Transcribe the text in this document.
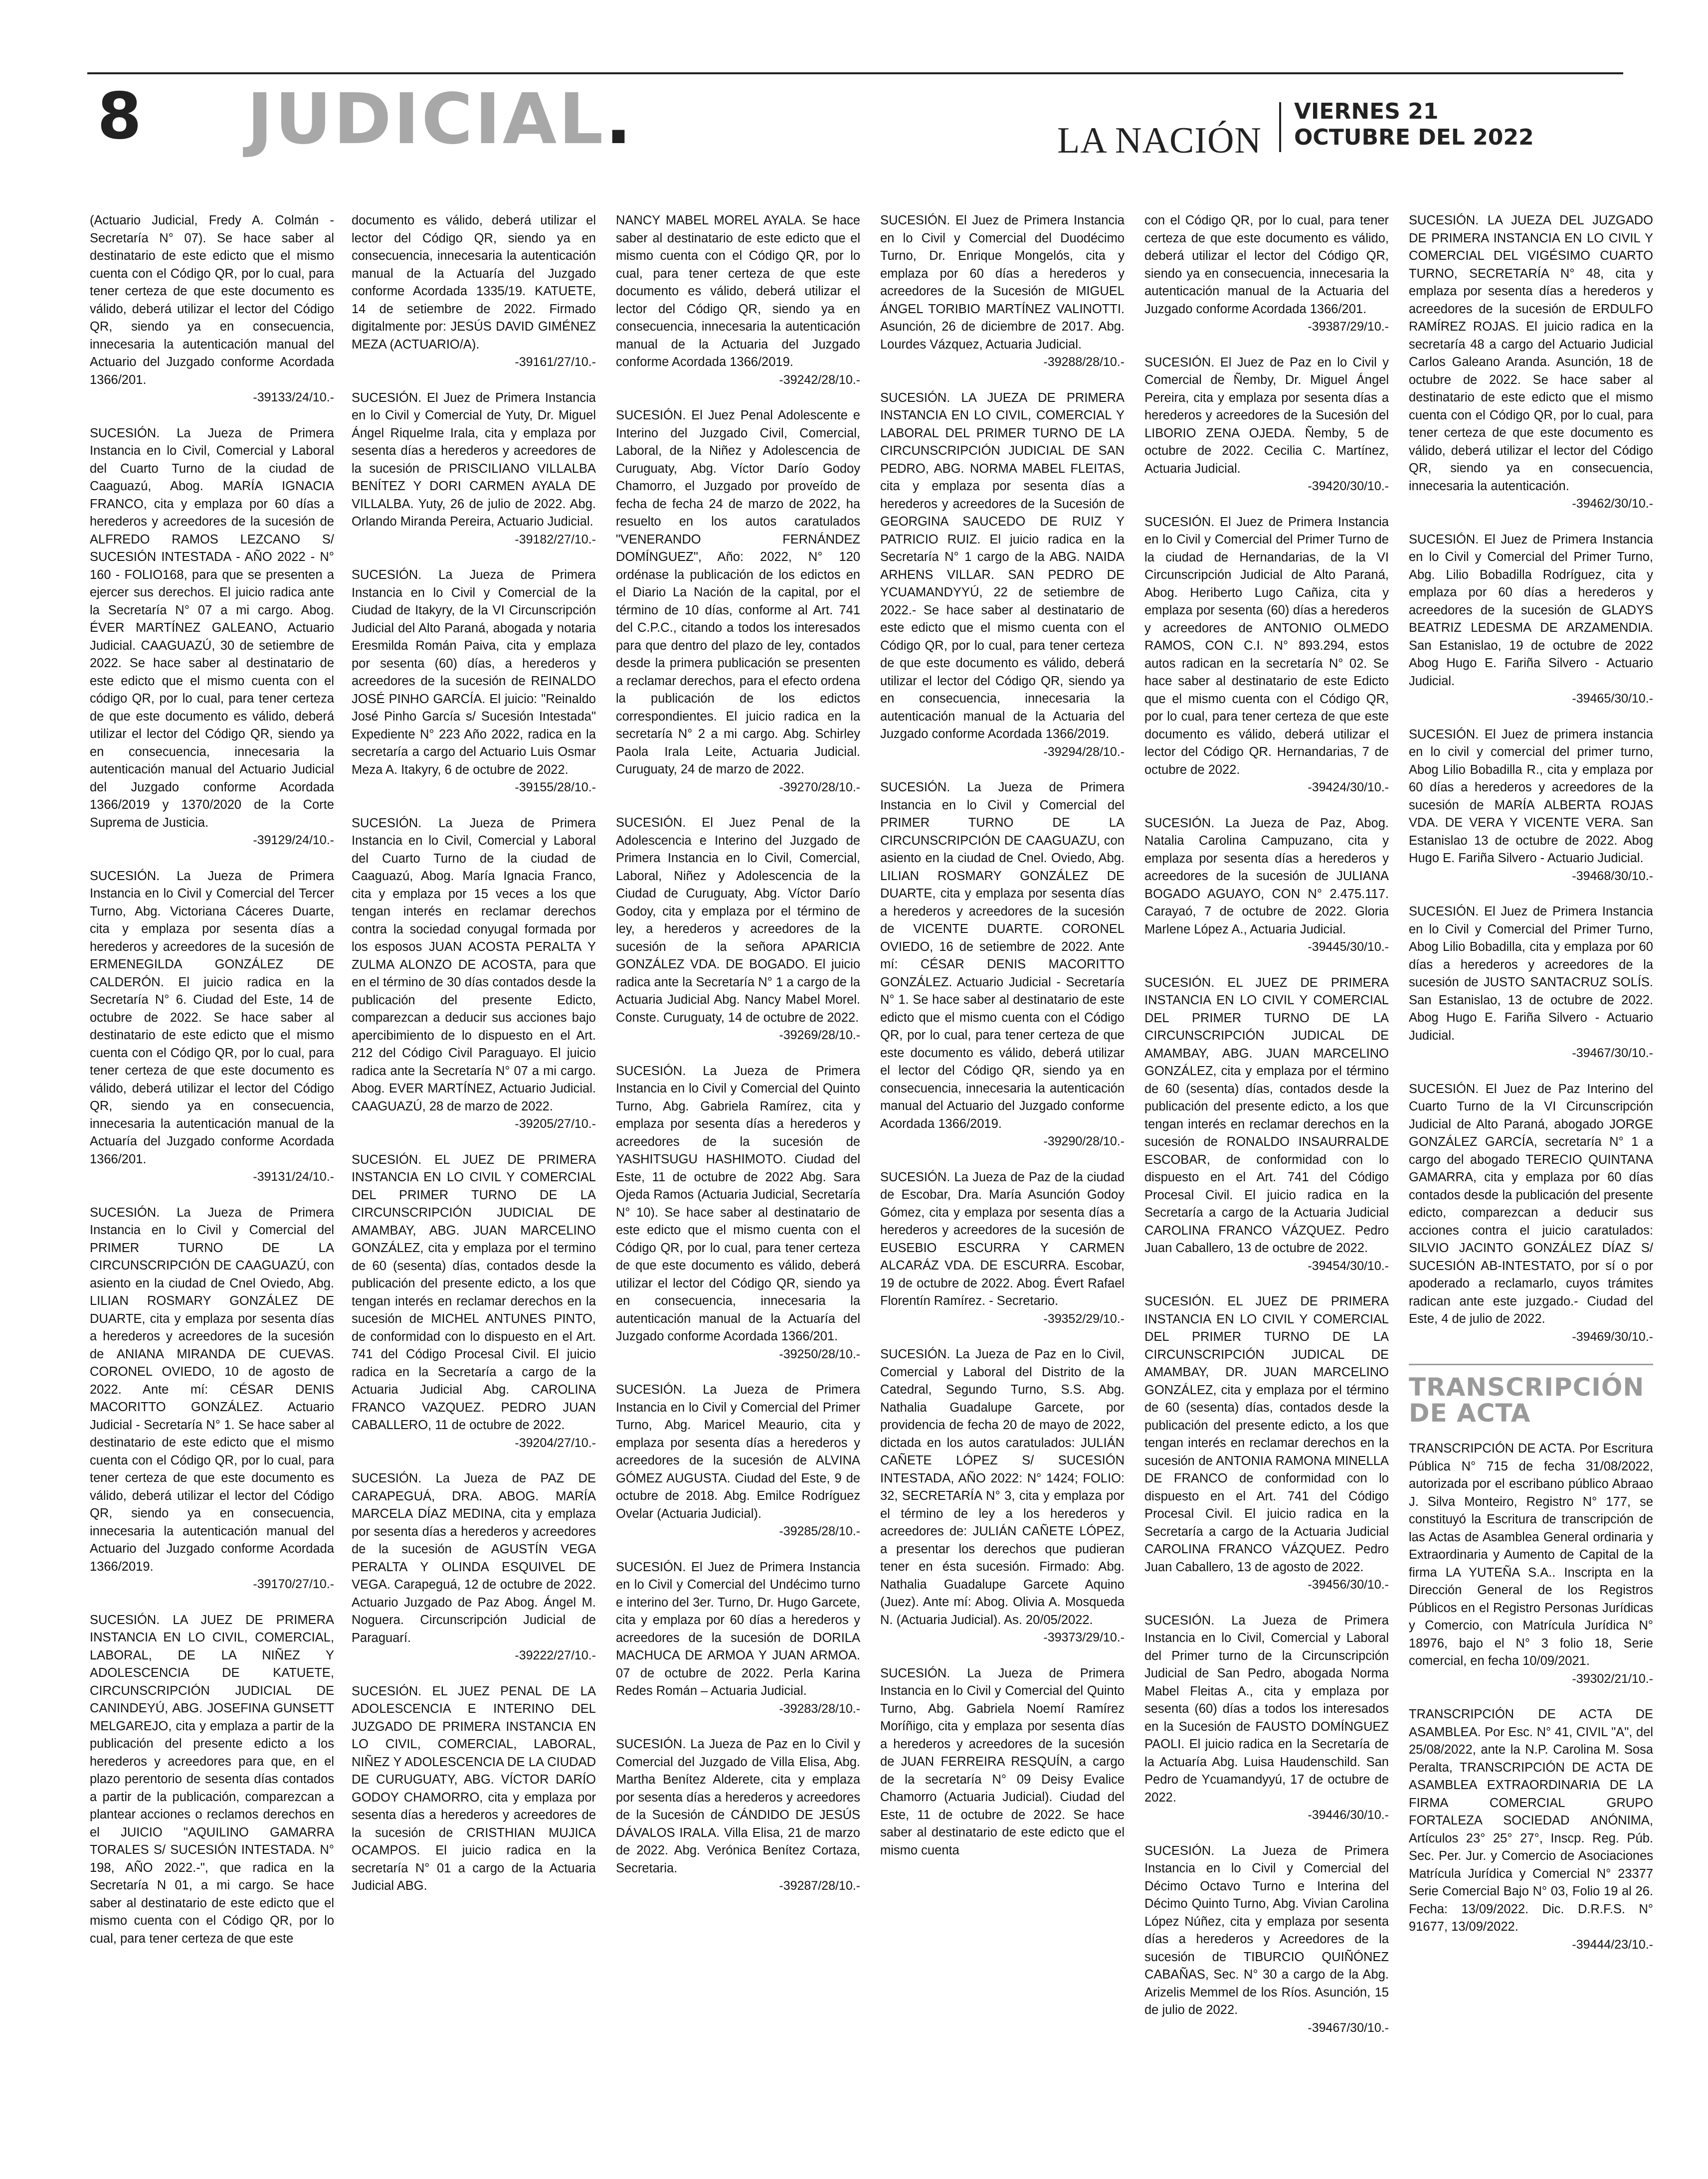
8 JUDICIAL.	LA NACIÓN
VIERNES 21
OCTUBRE DEL 2022
(Actuario Judicial, Fredy A. Colmán - Secretaría N° 07). Se hace saber al destinatario de este edicto que el mismo cuenta con el Código QR, por lo cual, para tener certeza de que este documento es válido, deberá utilizar el lector del Código QR, siendo ya en consecuencia, innecesaria la autenticación manual del Actuario del Juzgado conforme Acordada 1366/201.
-39133/24/10.-
SUCESIÓN. La Jueza de Primera Instancia en lo Civil, Comercial y Laboral del Cuarto Turno de la ciudad de Caaguazú, Abog. MARÍA IGNACIA FRANCO, cita y emplaza por 60 días a herederos y acreedores de la sucesión de ALFREDO RAMOS LEZCANO S/ SUCESIÓN INTESTADA - AÑO 2022 - N° 160 - FOLIO168, para que se presenten a ejercer sus derechos. El juicio radica ante la Secretaría N° 07 a mi cargo. Abog. ÉVER MARTÍNEZ GALEANO, Actuario Judicial. CAAGUAZÚ, 30 de setiembre de 2022. Se hace saber al destinatario de este edicto que el mismo cuenta con el código QR, por lo cual, para tener certeza de que este documento es válido, deberá utilizar el lector del Código QR, siendo ya en consecuencia, innecesaria la autenticación manual del Actuario Judicial del Juzgado conforme Acordada 1366/2019 y 1370/2020 de la Corte Suprema de Justicia.
-39129/24/10.-
SUCESIÓN. La Jueza de Primera Instancia en lo Civil y Comercial del Tercer Turno, Abg. Victoriana Cáceres Duarte, cita y emplaza por sesenta días a herederos y acreedores de la sucesión de ERMENEGILDA GONZÁLEZ DE CALDERÓN. El juicio radica en la Secretaría N° 6. Ciudad del Este, 14 de octubre de 2022. Se hace saber al destinatario de este edicto que el mismo cuenta con el Código QR, por lo cual, para tener certeza de que este documento es válido, deberá utilizar el lector del Código QR, siendo ya en consecuencia, innecesaria la autenticación manual de la Actuaría del Juzgado conforme Acordada 1366/201.
-39131/24/10.-
SUCESIÓN. La Jueza de Primera Instancia en lo Civil y Comercial del PRIMER TURNO DE LA CIRCUNSCRIPCIÓN DE CAAGUAZÚ, con asiento en la ciudad de Cnel Oviedo, Abg. LILIAN ROSMARY GONZÁLEZ DE DUARTE, cita y emplaza por sesenta días a herederos y acreedores de la sucesión de ANIANA MIRANDA DE CUEVAS. CORONEL OVIEDO, 10 de agosto de 2022. Ante mí: CÉSAR DENIS MACORITTO GONZÁLEZ. Actuario Judicial - Secretaría N° 1. Se hace saber al destinatario de este edicto que el mismo cuenta con el Código QR, por lo cual, para tener certeza de que este documento es válido, deberá utilizar el lector del Código QR, siendo ya en consecuencia, innecesaria la autenticación manual del Actuario del Juzgado conforme Acordada 1366/2019.
-39170/27/10.-
SUCESIÓN. LA JUEZ DE PRIMERA INSTANCIA EN LO CIVIL, COMERCIAL, LABORAL, DE LA NIÑEZ Y ADOLESCENCIA DE KATUETE, CIRCUNSCRIPCIÓN JUDICIAL DE CANINDEYÚ, ABG. JOSEFINA GUNSETT MELGAREJO, cita y emplaza a partir de la publicación del presente edicto a los herederos y acreedores para que, en el plazo perentorio de sesenta días contados a partir de la publicación, comparezcan a plantear acciones o reclamos derechos en el JUICIO "AQUILINO GAMARRA TORALES S/ SUCESIÓN INTESTADA. N° 198, AÑO 2022.-", que radica en la Secretaría N 01, a mi cargo. Se hace saber al destinatario de este edicto que el mismo cuenta con el Código QR, por lo cual, para tener certeza de que este
documento es válido, deberá utilizar el lector del Código QR, siendo ya en consecuencia, innecesaria la autenticación manual de la Actuaría del Juzgado conforme Acordada 1335/19. KATUETE, 14 de setiembre de 2022. Firmado digitalmente por: JESÚS DAVID GIMÉNEZ MEZA (ACTUARIO/A).
-39161/27/10.-
SUCESIÓN. El Juez de Primera Instancia en lo Civil y Comercial de Yuty, Dr. Miguel Ángel Riquelme Irala, cita y emplaza por sesenta días a herederos y acreedores de la sucesión de PRISCILIANO VILLALBA BENÍTEZ Y DORI CARMEN AYALA DE VILLALBA. Yuty, 26 de julio de 2022. Abg. Orlando Miranda Pereira, Actuario Judicial.
-39182/27/10.-
SUCESIÓN. La Jueza de Primera Instancia en lo Civil y Comercial de la Ciudad de Itakyry, de la VI Circunscripción Judicial del Alto Paraná, abogada y notaria Eresmilda Román Paiva, cita y emplaza por sesenta (60) días, a herederos y acreedores de la sucesión de REINALDO JOSÉ PINHO GARCÍA. El juicio: "Reinaldo José Pinho García s/ Sucesión Intestada" Expediente N° 223 Año 2022, radica en la secretaría a cargo del Actuario Luis Osmar Meza A. Itakyry, 6 de octubre de 2022.
-39155/28/10.-
SUCESIÓN. La Jueza de Primera Instancia en lo Civil, Comercial y Laboral del Cuarto Turno de la ciudad de Caaguazú, Abog. María Ignacia Franco, cita y emplaza por 15 veces a los que tengan interés en reclamar derechos contra la sociedad conyugal formada por los esposos JUAN ACOSTA PERALTA Y ZULMA ALONZO DE ACOSTA, para que en el término de 30 días contados desde la publicación del presente Edicto, comparezcan a deducir sus acciones bajo apercibimiento de lo dispuesto en el Art. 212 del Código Civil Paraguayo. El juicio radica ante la Secretaría N° 07 a mi cargo. Abog. EVER MARTÍNEZ, Actuario Judicial. CAAGUAZÚ, 28 de marzo de 2022.
-39205/27/10.-
SUCESIÓN. EL JUEZ DE PRIMERA INSTANCIA EN LO CIVIL Y COMERCIAL DEL PRIMER TURNO DE LA CIRCUNSCRIPCIÓN JUDICIAL DE AMAMBAY, ABG. JUAN MARCELINO GONZÁLEZ, cita y emplaza por el termino de 60 (sesenta) días, contados desde la publicación del presente edicto, a los que tengan interés en reclamar derechos en la sucesión de MICHEL ANTUNES PINTO, de conformidad con lo dispuesto en el Art. 741 del Código Procesal Civil. El juicio radica en la Secretaría a cargo de la Actuaria Judicial Abg. CAROLINA FRANCO VAZQUEZ. PEDRO JUAN CABALLERO, 11 de octubre de 2022.
-39204/27/10.-
SUCESIÓN. La Jueza de PAZ DE CARAPEGUÁ, DRA. ABOG. MARÍA MARCELA DÍAZ MEDINA, cita y emplaza por sesenta días a herederos y acreedores de la sucesión de AGUSTÍN VEGA PERALTA Y OLINDA ESQUIVEL DE VEGA. Carapeguá, 12 de octubre de 2022. Actuario Juzgado de Paz Abog. Ángel M. Noguera. Circunscripción Judicial de Paraguarí.
-39222/27/10.-
SUCESIÓN. EL JUEZ PENAL DE LA ADOLESCENCIA E INTERINO DEL JUZGADO DE PRIMERA INSTANCIA EN LO CIVIL, COMERCIAL, LABORAL, NIÑEZ Y ADOLESCENCIA DE LA CIUDAD DE CURUGUATY, ABG. VÍCTOR DARÍO GODOY CHAMORRO, cita y emplaza por sesenta días a herederos y acreedores de la sucesión de CRISTHIAN MUJICA OCAMPOS. El juicio radica en la secretaría N° 01 a cargo de la Actuaria Judicial ABG.
NANCY MABEL MOREL AYALA. Se hace saber al destinatario de este edicto que el mismo cuenta con el Código QR, por lo cual, para tener certeza de que este documento es válido, deberá utilizar el lector del Código QR, siendo ya en consecuencia, innecesaria la autenticación manual de la Actuaria del Juzgado conforme Acordada 1366/2019.
-39242/28/10.-
SUCESIÓN. El Juez Penal Adolescente e Interino del Juzgado Civil, Comercial, Laboral, de la Niñez y Adolescencia de Curuguaty, Abg. Víctor Darío Godoy Chamorro, el Juzgado por proveído de fecha de fecha 24 de marzo de 2022, ha resuelto en los autos caratulados "VENERANDO FERNÁNDEZ DOMÍNGUEZ", Año: 2022, N° 120 ordénase la publicación de los edictos en el Diario La Nación de la capital, por el término de 10 días, conforme al Art. 741 del C.P.C., citando a todos los interesados para que dentro del plazo de ley, contados desde la primera publicación se presenten a reclamar derechos, para el efecto ordena la publicación de los edictos correspondientes. El juicio radica en la secretaría N° 2 a mi cargo. Abg. Schirley Paola Irala Leite, Actuaria Judicial. Curuguaty, 24 de marzo de 2022.
-39270/28/10.-
SUCESIÓN. El Juez Penal de la Adolescencia e Interino del Juzgado de Primera Instancia en lo Civil, Comercial, Laboral, Niñez y Adolescencia de la Ciudad de Curuguaty, Abg. Víctor Darío Godoy, cita y emplaza por el término de ley, a herederos y acreedores de la sucesión de la señora APARICIA GONZÁLEZ VDA. DE BOGADO. El juicio radica ante la Secretaría N° 1 a cargo de la Actuaria Judicial Abg. Nancy Mabel Morel. Conste. Curuguaty, 14 de octubre de 2022.
-39269/28/10.-
SUCESIÓN. La Jueza de Primera Instancia en lo Civil y Comercial del Quinto Turno, Abg. Gabriela Ramírez, cita y emplaza por sesenta días a herederos y acreedores de la sucesión de YASHITSUGU HASHIMOTO. Ciudad del Este, 11 de octubre de 2022 Abg. Sara Ojeda Ramos (Actuaria Judicial, Secretaría N° 10). Se hace saber al destinatario de este edicto que el mismo cuenta con el Código QR, por lo cual, para tener certeza de que este documento es válido, deberá utilizar el lector del Código QR, siendo ya en consecuencia, innecesaria la autenticación manual de la Actuaría del Juzgado conforme Acordada 1366/201.
-39250/28/10.-
SUCESIÓN. La Jueza de Primera Instancia en lo Civil y Comercial del Primer Turno, Abg. Maricel Meaurio, cita y emplaza por sesenta días a herederos y acreedores de la sucesión de ALVINA GÓMEZ AUGUSTA. Ciudad del Este, 9 de octubre de 2018. Abg. Emilce Rodríguez Ovelar (Actuaria Judicial).
-39285/28/10.-
SUCESIÓN. El Juez de Primera Instancia en lo Civil y Comercial del Undécimo turno e interino del 3er. Turno, Dr. Hugo Garcete, cita y emplaza por 60 días a herederos y acreedores de la sucesión de DORILA MACHUCA DE ARMOA Y JUAN ARMOA. 07 de octubre de 2022. Perla Karina Redes Román – Actuaria Judicial.
-39283/28/10.-
SUCESIÓN. La Jueza de Paz en lo Civil y Comercial del Juzgado de Villa Elisa, Abg. Martha Benítez Alderete, cita y emplaza por sesenta días a herederos y acreedores de la Sucesión de CÁNDIDO DE JESÚS DÁVALOS IRALA. Villa Elisa, 21 de marzo de 2022. Abg. Verónica Benítez Cortaza, Secretaria.
-39287/28/10.-
SUCESIÓN. El Juez de Primera Instancia en lo Civil y Comercial del Duodécimo Turno, Dr. Enrique Mongelós, cita y emplaza por 60 días a herederos y acreedores de la Sucesión de MIGUEL ÁNGEL TORIBIO MARTÍNEZ VALINOTTI. Asunción, 26 de diciembre de 2017. Abg. Lourdes Vázquez, Actuaria Judicial.
-39288/28/10.-
SUCESIÓN. LA JUEZA DE PRIMERA INSTANCIA EN LO CIVIL, COMERCIAL Y LABORAL DEL PRIMER TURNO DE LA CIRCUNSCRIPCIÓN JUDICIAL DE SAN PEDRO, ABG. NORMA MABEL FLEITAS, cita y emplaza por sesenta días a herederos y acreedores de la Sucesión de GEORGINA SAUCEDO DE RUIZ Y PATRICIO RUIZ. El juicio radica en la Secretaría N° 1 cargo de la ABG. NAIDA ARHENS VILLAR. SAN PEDRO DE YCUAMANDYYÚ, 22 de setiembre de 2022.- Se hace saber al destinatario de este edicto que el mismo cuenta con el Código QR, por lo cual, para tener certeza de que este documento es válido, deberá utilizar el lector del Código QR, siendo ya en consecuencia, innecesaria la autenticación manual de la Actuaria del Juzgado conforme Acordada 1366/2019.
-39294/28/10.-
SUCESIÓN. La Jueza de Primera Instancia en lo Civil y Comercial del PRIMER TURNO DE LA CIRCUNSCRIPCIÓN DE CAAGUAZU, con asiento en la ciudad de Cnel. Oviedo, Abg. LILIAN ROSMARY GONZÁLEZ DE DUARTE, cita y emplaza por sesenta días a herederos y acreedores de la sucesión de VICENTE DUARTE. CORONEL OVIEDO, 16 de setiembre de 2022. Ante mí: CÉSAR DENIS MACORITTO GONZÁLEZ. Actuario Judicial - Secretaría N° 1. Se hace saber al destinatario de este edicto que el mismo cuenta con el Código QR, por lo cual, para tener certeza de que este documento es válido, deberá utilizar el lector del Código QR, siendo ya en consecuencia, innecesaria la autenticación manual del Actuario del Juzgado conforme Acordada 1366/2019.
-39290/28/10.-
SUCESIÓN. La Jueza de Paz de la ciudad de Escobar, Dra. María Asunción Godoy Gómez, cita y emplaza por sesenta días a herederos y acreedores de la sucesión de EUSEBIO ESCURRA Y CARMEN ALCARÁZ VDA. DE ESCURRA. Escobar, 19 de octubre de 2022. Abog. Évert Rafael Florentín Ramírez. - Secretario.
-39352/29/10.-
SUCESIÓN. La Jueza de Paz en lo Civil, Comercial y Laboral del Distrito de la Catedral, Segundo Turno, S.S. Abg. Nathalia Guadalupe Garcete, por providencia de fecha 20 de mayo de 2022, dictada en los autos caratulados: JULIÁN CAÑETE LÓPEZ S/ SUCESIÓN INTESTADA, AÑO 2022: N° 1424; FOLIO: 32, SECRETARÍA N° 3, cita y emplaza por el término de ley a los herederos y acreedores de: JULIÁN CAÑETE LÓPEZ, a presentar los derechos que pudieran tener en ésta sucesión. Firmado: Abg. Nathalia Guadalupe Garcete Aquino (Juez). Ante mí: Abog. Olivia A. Mosqueda N. (Actuaria Judicial). As. 20/05/2022.
-39373/29/10.-
SUCESIÓN. La Jueza de Primera Instancia en lo Civil y Comercial del Quinto Turno, Abg. Gabriela Noemí Ramírez Moríñigo, cita y emplaza por sesenta días a herederos y acreedores de la sucesión de JUAN FERREIRA RESQUÍN, a cargo de la secretaría N° 09 Deisy Evalice Chamorro (Actuaria Judicial). Ciudad del Este, 11 de octubre de 2022. Se hace saber al destinatario de este edicto que el mismo cuenta
con el Código QR, por lo cual, para tener certeza de que este documento es válido, deberá utilizar el lector del Código QR, siendo ya en consecuencia, innecesaria la autenticación manual de la Actuaria del Juzgado conforme Acordada 1366/201.
-39387/29/10.-
SUCESIÓN. El Juez de Paz en lo Civil y Comercial de Ñemby, Dr. Miguel Ángel Pereira, cita y emplaza por sesenta días a herederos y acreedores de la Sucesión del LIBORIO ZENA OJEDA. Ñemby, 5 de octubre de 2022. Cecilia C. Martínez, Actuaria Judicial.
-39420/30/10.-
SUCESIÓN. El Juez de Primera Instancia en lo Civil y Comercial del Primer Turno de la ciudad de Hernandarias, de la VI Circunscripción Judicial de Alto Paraná, Abog. Heriberto Lugo Cañiza, cita y emplaza por sesenta (60) días a herederos y acreedores de ANTONIO OLMEDO RAMOS, CON C.I. N° 893.294, estos autos radican en la secretaría N° 02. Se hace saber al destinatario de este Edicto que el mismo cuenta con el Código QR, por lo cual, para tener certeza de que este documento es válido, deberá utilizar el lector del Código QR. Hernandarias, 7 de octubre de 2022.
-39424/30/10.-
SUCESIÓN. La Jueza de Paz, Abog. Natalia Carolina Campuzano, cita y emplaza por sesenta días a herederos y acreedores de la sucesión de JULIANA BOGADO AGUAYO, CON N° 2.475.117. Carayaó, 7 de octubre de 2022. Gloria Marlene López A., Actuaria Judicial.
-39445/30/10.-
SUCESIÓN. EL JUEZ DE PRIMERA INSTANCIA EN LO CIVIL Y COMERCIAL DEL PRIMER TURNO DE LA CIRCUNSCRIPCIÓN JUDICAL DE AMAMBAY, ABG. JUAN MARCELINO GONZÁLEZ, cita y emplaza por el término de 60 (sesenta) días, contados desde la publicación del presente edicto, a los que tengan interés en reclamar derechos en la sucesión de RONALDO INSAURRALDE ESCOBAR, de conformidad con lo dispuesto en el Art. 741 del Código Procesal Civil. El juicio radica en la Secretaría a cargo de la Actuaria Judicial CAROLINA FRANCO VÁZQUEZ. Pedro Juan Caballero, 13 de octubre de 2022.
-39454/30/10.-
SUCESIÓN. EL JUEZ DE PRIMERA INSTANCIA EN LO CIVIL Y COMERCIAL DEL PRIMER TURNO DE LA CIRCUNSCRIPCIÓN JUDICAL DE AMAMBAY, DR. JUAN MARCELINO GONZÁLEZ, cita y emplaza por el término de 60 (sesenta) días, contados desde la publicación del presente edicto, a los que tengan interés en reclamar derechos en la sucesión de ANTONIA RAMONA MINELLA DE FRANCO de conformidad con lo dispuesto en el Art. 741 del Código Procesal Civil. El juicio radica en la Secretaría a cargo de la Actuaria Judicial CAROLINA FRANCO VÁZQUEZ. Pedro Juan Caballero, 13 de agosto de 2022.
-39456/30/10.-
SUCESIÓN. La Jueza de Primera Instancia en lo Civil, Comercial y Laboral del Primer turno de la Circunscripción Judicial de San Pedro, abogada Norma Mabel Fleitas A., cita y emplaza por sesenta (60) días a todos los interesados en la Sucesión de FAUSTO DOMÍNGUEZ PAOLI. El juicio radica en la Secretaría de la Actuaría Abg. Luisa Haudenschild. San Pedro de Ycuamandyyú, 17 de octubre de 2022.
-39446/30/10.-
SUCESIÓN. La Jueza de Primera Instancia en lo Civil y Comercial del Décimo Octavo Turno e Interina del Décimo Quinto Turno, Abg. Vivian Carolina López Núñez, cita y emplaza por sesenta días a herederos y Acreedores de la sucesión de TIBURCIO QUIÑÓNEZ CABAÑAS, Sec. N° 30 a cargo de la Abg. Arizelis Memmel de los Ríos. Asunción, 15 de julio de 2022.
-39467/30/10.-
SUCESIÓN. LA JUEZA DEL JUZGADO DE PRIMERA INSTANCIA EN LO CIVIL Y COMERCIAL DEL VIGÉSIMO CUARTO TURNO, SECRETARÍA N° 48, cita y emplaza por sesenta días a herederos y acreedores de la sucesión de ERDULFO RAMÍREZ ROJAS. El juicio radica en la secretaría 48 a cargo del Actuario Judicial Carlos Galeano Aranda. Asunción, 18 de octubre de 2022. Se hace saber al destinatario de este edicto que el mismo cuenta con el Código QR, por lo cual, para tener certeza de que este documento es válido, deberá utilizar el lector del Código QR, siendo ya en consecuencia, innecesaria la autenticación.
-39462/30/10.-
SUCESIÓN. El Juez de Primera Instancia en lo Civil y Comercial del Primer Turno, Abg. Lilio Bobadilla Rodríguez, cita y emplaza por 60 días a herederos y acreedores de la sucesión de GLADYS BEATRIZ LEDESMA DE ARZAMENDIA. San Estanislao, 19 de octubre de 2022 Abog Hugo E. Fariña Silvero - Actuario Judicial.
-39465/30/10.-
SUCESIÓN. El Juez de primera instancia en lo civil y comercial del primer turno, Abog Lilio Bobadilla R., cita y emplaza por 60 días a herederos y acreedores de la sucesión de MARÍA ALBERTA ROJAS VDA. DE VERA Y VICENTE VERA. San Estanislao 13 de octubre de 2022. Abog Hugo E. Fariña Silvero - Actuario Judicial.
-39468/30/10.-
SUCESIÓN. El Juez de Primera Instancia en lo Civil y Comercial del Primer Turno, Abog Lilio Bobadilla, cita y emplaza por 60 días a herederos y acreedores de la sucesión de JUSTO SANTACRUZ SOLÍS. San Estanislao, 13 de octubre de 2022. Abog Hugo E. Fariña Silvero - Actuario Judicial.
-39467/30/10.-
SUCESIÓN. El Juez de Paz Interino del Cuarto Turno de la VI Circunscripción Judicial de Alto Paraná, abogado JORGE GONZÁLEZ GARCÍA, secretaría N° 1 a cargo del abogado TERECIO QUINTANA GAMARRA, cita y emplaza por 60 días contados desde la publicación del presente edicto, comparezcan a deducir sus acciones contra el juicio caratulados: SILVIO JACINTO GONZÁLEZ DÍAZ S/ SUCESIÓN AB-INTESTATO, por sí o por apoderado a reclamarlo, cuyos trámites radican ante este juzgado.- Ciudad del Este, 4 de julio de 2022.
-39469/30/10.-
TRANSCRIPCIÓN DE ACTA
TRANSCRIPCIÓN DE ACTA. Por Escritura Pública N° 715 de fecha 31/08/2022, autorizada por el escribano público Abraao J. Silva Monteiro, Registro N° 177, se constituyó la Escritura de transcripción de las Actas de Asamblea General ordinaria y Extraordinaria y Aumento de Capital de la firma LA YUTEÑA S.A.. Inscripta en la Dirección General de los Registros Públicos en el Registro Personas Jurídicas y Comercio, con Matrícula Jurídica N° 18976, bajo el N° 3 folio 18, Serie comercial, en fecha 10/09/2021.
-39302/21/10.-
TRANSCRIPCIÓN DE ACTA DE ASAMBLEA. Por Esc. N° 41, CIVIL "A", del 25/08/2022, ante la N.P. Carolina M. Sosa Peralta, TRANSCRIPCIÓN DE ACTA DE ASAMBLEA EXTRAORDINARIA DE LA FIRMA COMERCIAL GRUPO FORTALEZA SOCIEDAD ANÓNIMA, Artículos 23° 25° 27°, Inscp. Reg. Púb. Sec. Per. Jur. y Comercio de Asociaciones Matrícula Jurídica y Comercial N° 23377 Serie Comercial Bajo N° 03, Folio 19 al 26. Fecha: 13/09/2022. Dic. D.R.F.S. N° 91677, 13/09/2022.
-39444/23/10.-
